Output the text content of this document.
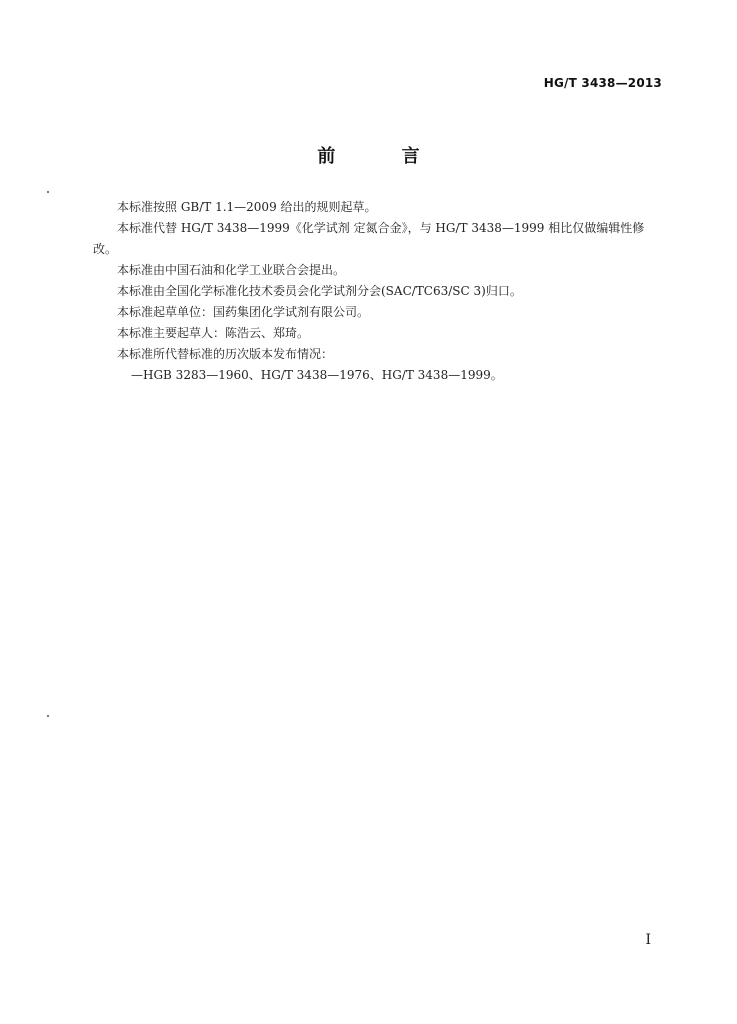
HG/T 3438—2013
前 言

本标准按照 GB/T 1.1—2009 给出的规则起草。

本标准代替 HG/T 3438—1999《化学试剂 定氮合金》，与 HG/T 3438—1999 相比仅做编辑性修改。

本标准由中国石油和化学工业联合会提出。

本标准由全国化学标准化技术委员会化学试剂分会(SAC/TC63/SC 3)归口。

本标准起草单位：国药集团化学试剂有限公司。

本标准主要起草人：陈浩云、郑琦。

本标准所代替标准的历次版本发布情况：

—HGB 3283—1960、HG/T 3438—1976、HG/T 3438—1999。

I
